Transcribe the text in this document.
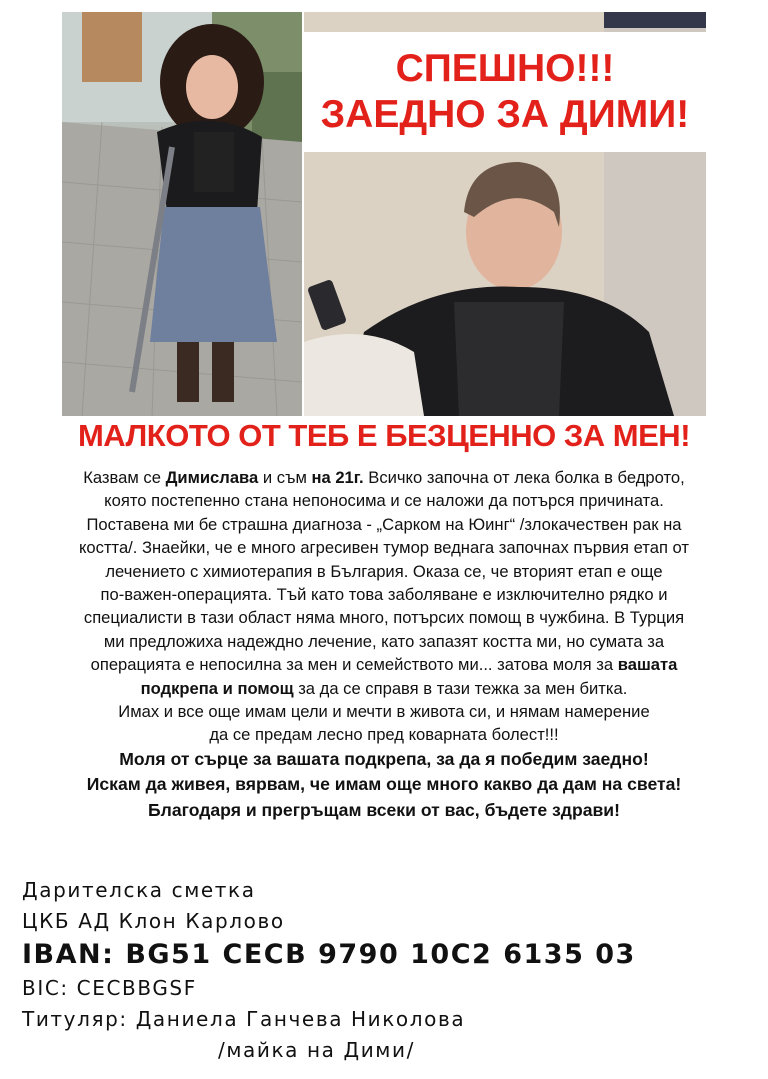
СПЕШНО!!!
ЗАЕДНО ЗА ДИМИ!
МАЛКОТО ОТ ТЕБ Е БЕЗЦЕННО ЗА МЕН!
Казвам се Димислава и съм на 21г. Всичко започна от лека болка в бедрото,
която постепенно стана непоносима и се наложи да потърся причината.
Поставена ми бе страшна диагноза - „Сарком на Юинг“ /злокачествен рак на
костта/. Знаейки, че е много агресивен тумор веднага започнах първия етап от
лечението с химиотерапия в България. Оказа се, че вторият етап е още
по-важен-операцията. Тъй като това заболяване е изключително рядко и
специалисти в тази област няма много, потърсих помощ в чужбина. В Турция
ми предложиха надеждно лечение, като запазят костта ми, но сумата за
операцията е непосилна за мен и семейството ми... затова моля за вашата
подкрепа и помощ за да се справя в тази тежка за мен битка.
Имах и все още имам цели и мечти в живота си, и нямам намерение
да се предам лесно пред коварната болест!!!
Моля от сърце за вашата подкрепа, за да я победим заедно!
Искам да живея, вярвам, че имам още много какво да дам на света!
Благодаря и прегръщам всеки от вас, бъдете здрави!
Дарителска сметка
ЦКБ АД Клон Карлово
IBAN: BG51 CECB 9790 10C2 6135 03
BIC: CECBBGSF
Титуляр: Даниела Ганчева Николова
/майка на Дими/
